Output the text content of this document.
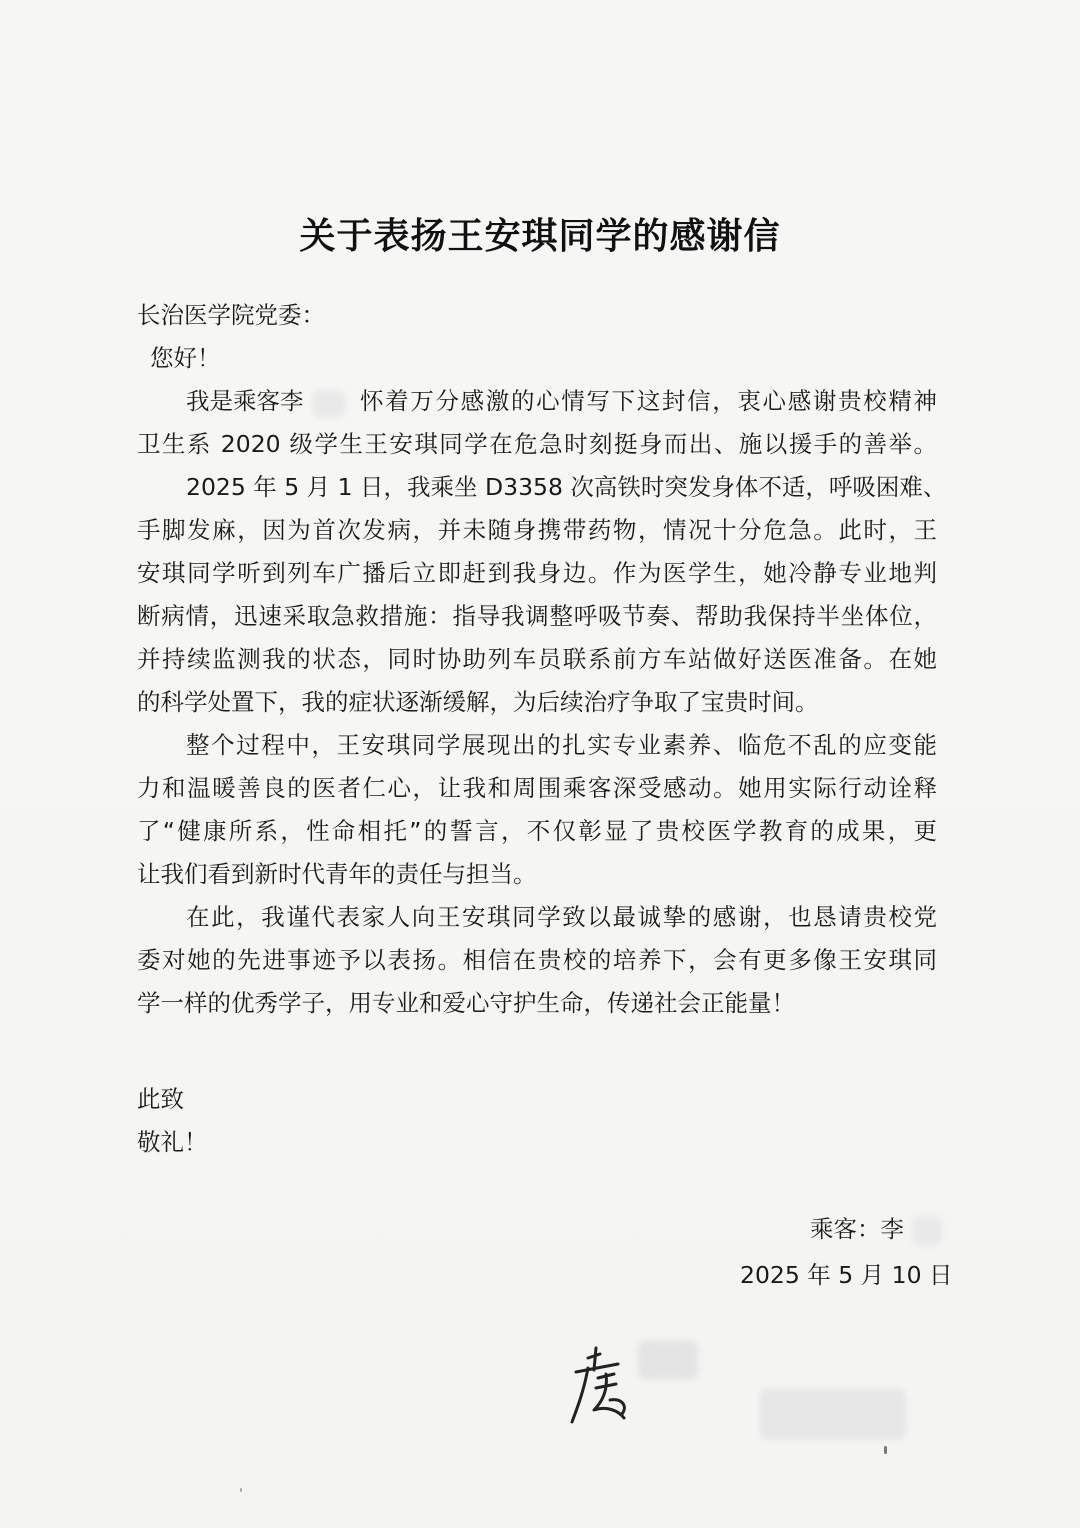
关于表扬王安琪同学的感谢信
长治医学院党委：
您好！
我是乘客李 怀着万分感激的心情写下这封信，衷心感谢贵校精神
卫生系 2020 级学生王安琪同学在危急时刻挺身而出、施以援手的善举。
2025 年 5 月 1 日，我乘坐 D3358 次高铁时突发身体不适，呼吸困难、
手脚发麻，因为首次发病，并未随身携带药物，情况十分危急。此时，王
安琪同学听到列车广播后立即赶到我身边。作为医学生，她冷静专业地判
断病情，迅速采取急救措施：指导我调整呼吸节奏、帮助我保持半坐体位，
并持续监测我的状态，同时协助列车员联系前方车站做好送医准备。在她
的科学处置下，我的症状逐渐缓解，为后续治疗争取了宝贵时间。
整个过程中，王安琪同学展现出的扎实专业素养、临危不乱的应变能
力和温暖善良的医者仁心，让我和周围乘客深受感动。她用实际行动诠释
了“健康所系，性命相托”的誓言，不仅彰显了贵校医学教育的成果，更
让我们看到新时代青年的责任与担当。
在此，我谨代表家人向王安琪同学致以最诚挚的感谢，也恳请贵校党
委对她的先进事迹予以表扬。相信在贵校的培养下，会有更多像王安琪同
学一样的优秀学子，用专业和爱心守护生命，传递社会正能量！
此致
敬礼！
乘客：李
2025 年 5 月 10 日
